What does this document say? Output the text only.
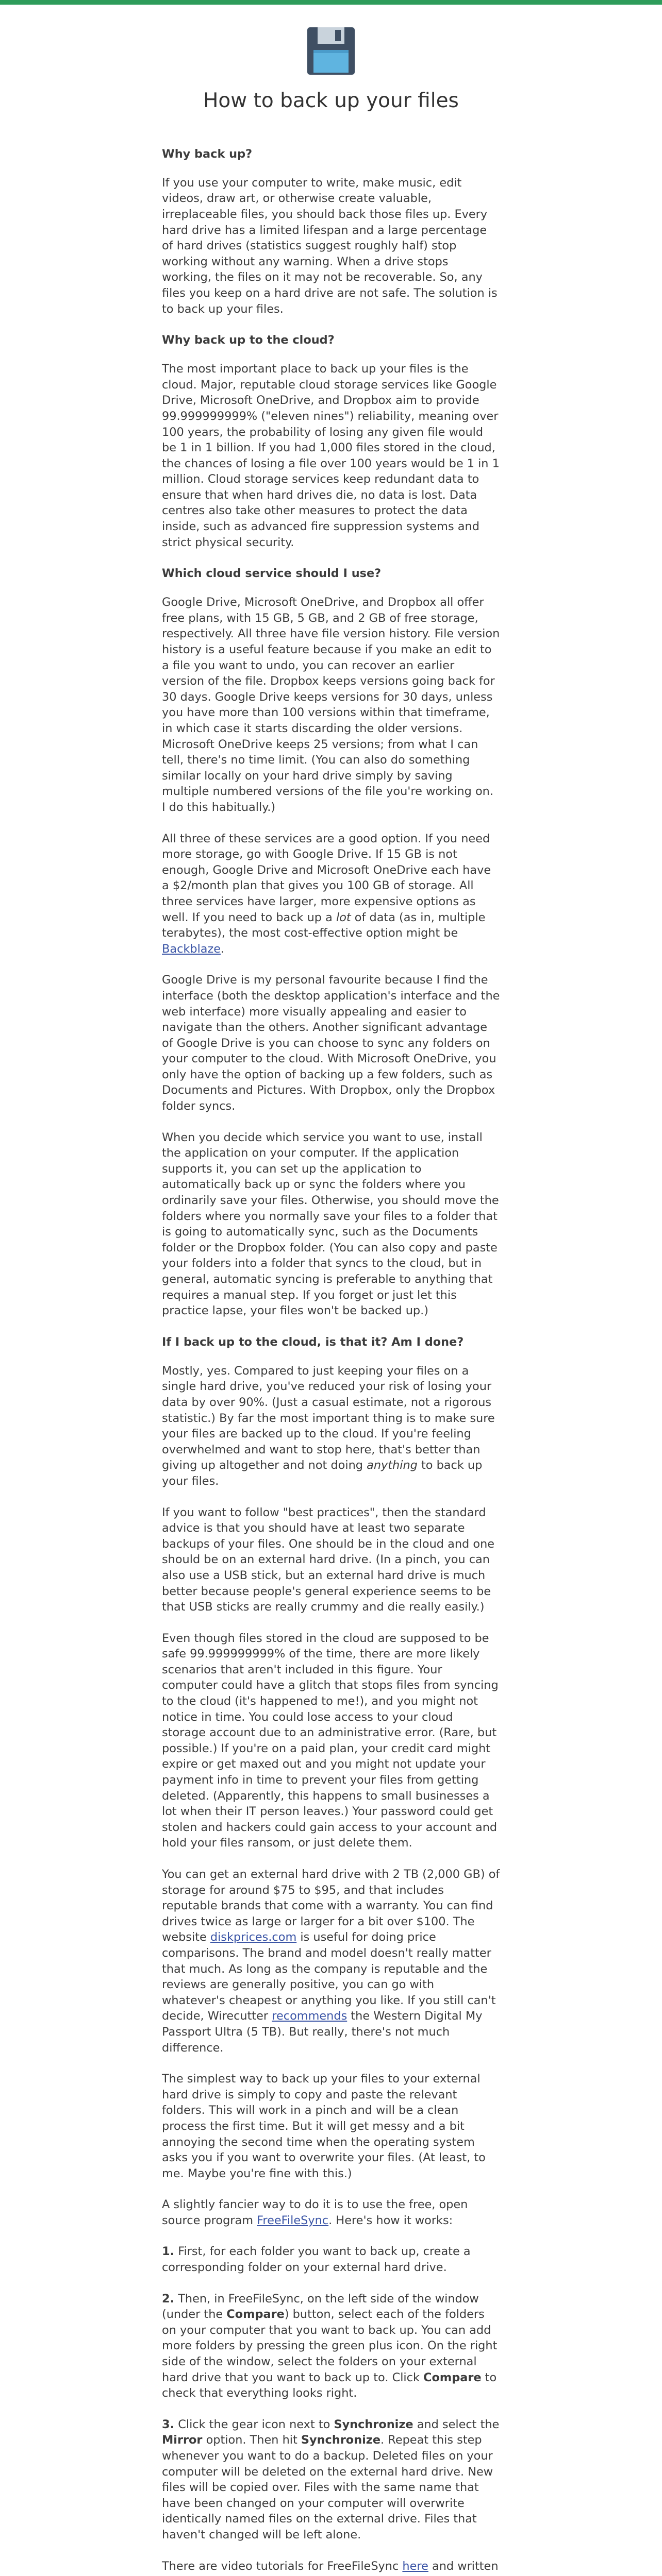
How to back up your files
Why back up?

If you use your computer to write, make music, edit videos, draw art, or otherwise create valuable, irreplaceable files, you should back those files up. Every hard drive has a limited lifespan and a large percentage of hard drives (statistics suggest roughly half) stop working without any warning. When a drive stops working, the files on it may not be recoverable. So, any files you keep on a hard drive are not safe. The solution is to back up your files.

Why back up to the cloud?

The most important place to back up your files is the cloud. Major, reputable cloud storage services like Google Drive, Microsoft OneDrive, and Dropbox aim to provide 99.999999999% ("eleven nines") reliability, meaning over 100 years, the probability of losing any given file would be 1 in 1 billion. If you had 1,000 files stored in the cloud, the chances of losing a file over 100 years would be 1 in 1 million. Cloud storage services keep redundant data to ensure that when hard drives die, no data is lost. Data centres also take other measures to protect the data inside, such as advanced fire suppression systems and strict physical security.

Which cloud service should I use?

Google Drive, Microsoft OneDrive, and Dropbox all offer free plans, with 15 GB, 5 GB, and 2 GB of free storage, respectively. All three have file version history. File version history is a useful feature because if you make an edit to a file you want to undo, you can recover an earlier version of the file. Dropbox keeps versions going back for 30 days. Google Drive keeps versions for 30 days, unless you have more than 100 versions within that timeframe, in which case it starts discarding the older versions. Microsoft OneDrive keeps 25 versions; from what I can tell, there's no time limit. (You can also do something similar locally on your hard drive simply by saving multiple numbered versions of the file you're working on. I do this habitually.)

All three of these services are a good option. If you need more storage, go with Google Drive. If 15 GB is not enough, Google Drive and Microsoft OneDrive each have a $2/month plan that gives you 100 GB of storage. All three services have larger, more expensive options as well. If you need to back up a lot of data (as in, multiple terabytes), the most cost-effective option might be Backblaze.

Google Drive is my personal favourite because I find the interface (both the desktop application's interface and the web interface) more visually appealing and easier to navigate than the others. Another significant advantage of Google Drive is you can choose to sync any folders on your computer to the cloud. With Microsoft OneDrive, you only have the option of backing up a few folders, such as Documents and Pictures. With Dropbox, only the Dropbox folder syncs.

When you decide which service you want to use, install the application on your computer. If the application supports it, you can set up the application to automatically back up or sync the folders where you ordinarily save your files. Otherwise, you should move the folders where you normally save your files to a folder that is going to automatically sync, such as the Documents folder or the Dropbox folder. (You can also copy and paste your folders into a folder that syncs to the cloud, but in general, automatic syncing is preferable to anything that requires a manual step. If you forget or just let this practice lapse, your files won't be backed up.)

If I back up to the cloud, is that it? Am I done?

Mostly, yes. Compared to just keeping your files on a single hard drive, you've reduced your risk of losing your data by over 90%. (Just a casual estimate, not a rigorous statistic.) By far the most important thing is to make sure your files are backed up to the cloud. If you're feeling overwhelmed and want to stop here, that's better than giving up altogether and not doing anything to back up your files.

If you want to follow "best practices", then the standard advice is that you should have at least two separate backups of your files. One should be in the cloud and one should be on an external hard drive. (In a pinch, you can also use a USB stick, but an external hard drive is much better because people's general experience seems to be that USB sticks are really crummy and die really easily.)

Even though files stored in the cloud are supposed to be safe 99.999999999% of the time, there are more likely scenarios that aren't included in this figure. Your computer could have a glitch that stops files from syncing to the cloud (it's happened to me!), and you might not notice in time. You could lose access to your cloud storage account due to an administrative error. (Rare, but possible.) If you're on a paid plan, your credit card might expire or get maxed out and you might not update your payment info in time to prevent your files from getting deleted. (Apparently, this happens to small businesses a lot when their IT person leaves.) Your password could get stolen and hackers could gain access to your account and hold your files ransom, or just delete them.

You can get an external hard drive with 2 TB (2,000 GB) of storage for around $75 to $95, and that includes reputable brands that come with a warranty. You can find drives twice as large or larger for a bit over $100. The website diskprices.com is useful for doing price comparisons. The brand and model doesn't really matter that much. As long as the company is reputable and the reviews are generally positive, you can go with whatever's cheapest or anything you like. If you still can't decide, Wirecutter recommends the Western Digital My Passport Ultra (5 TB). But really, there's not much difference.

The simplest way to back up your files to your external hard drive is simply to copy and paste the relevant folders. This will work in a pinch and will be a clean process the first time. But it will get messy and a bit annoying the second time when the operating system asks you if you want to overwrite your files. (At least, to me. Maybe you're fine with this.)

A slightly fancier way to do it is to use the free, open source program FreeFileSync. Here's how it works:

1. First, for each folder you want to back up, create a corresponding folder on your external hard drive.

2. Then, in FreeFileSync, on the left side of the window (under the Compare) button, select each of the folders on your computer that you want to back up. You can add more folders by pressing the green plus icon. On the right side of the window, select the folders on your external hard drive that you want to back up to. Click Compare to check that everything looks right.

3. Click the gear icon next to Synchronize and select the Mirror option. Then hit Synchronize. Repeat this step whenever you want to do a backup. Deleted files on your computer will be deleted on the external hard drive. New files will be copied over. Files with the same name that have been changed on your computer will overwrite identically named files on the external drive. Files that haven't changed will be left alone.

There are video tutorials for FreeFileSync here and written
